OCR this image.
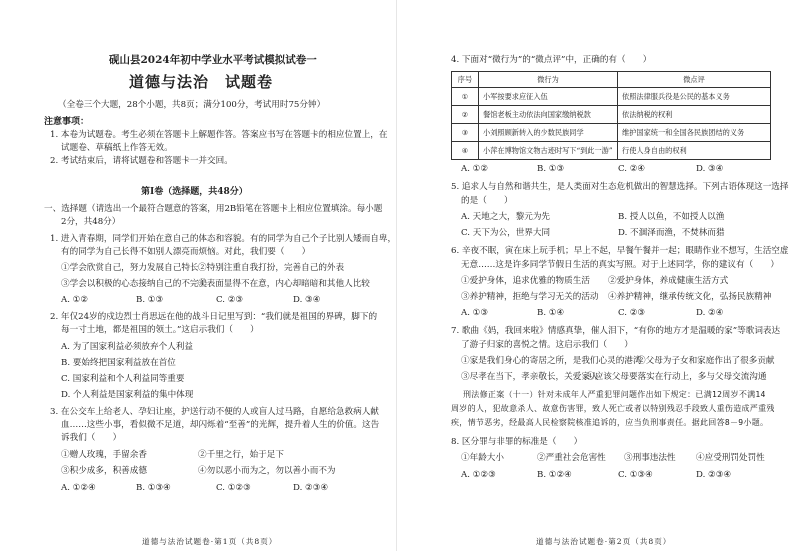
砚山县2024年初中学业水平考试模拟试卷一
道德与法治　试题卷
（全卷三个大题，28个小题，共8页；满分100分，考试用时75分钟）
注意事项：
1. 本卷为试题卷。考生必须在答题卡上解题作答。答案应书写在答题卡的相应位置上，在
试题卷、草稿纸上作答无效。
2. 考试结束后，请将试题卷和答题卡一并交回。
第Ⅰ卷（选择题，共48分）
一、选择题（请选出一个最符合题意的答案，用2B铅笔在答题卡上相应位置填涂。每小题
2分，共48分）
1. 进入青春期，同学们开始在意自己的体态和容貌。有的同学为自己个子比别人矮而自卑，
有的同学为自己长得不如别人漂亮而烦恼。对此，我们要（　　）
①学会欣赏自己，努力发展自己特长 ②特别注重自我打扮，完善自己的外表
③学会以积极的心态接纳自己的不完美
④表面显得不在意，内心却暗暗和其他人比较
A. ①②	B. ①③	C. ②③	D. ③④
2. 年仅24岁的戍边烈士肖思远在他的战斗日记里写到：“我们就是祖国的界碑，脚下的
每一寸土地，都是祖国的领土。”这启示我们（　　）
A. 为了国家利益必须放弃个人利益
B. 要始终把国家利益放在首位
C. 国家利益和个人利益同等重要
D. 个人利益是国家利益的集中体现
3. 在公交车上给老人、孕妇让座，护送行动不便的人或盲人过马路，自愿给急救病人献
血……这些小事，看似微不足道，却闪烁着“至善”的光辉，提升着人生的价值。这告
诉我们（　　）
①赠人玫瑰，手留余香	②千里之行，始于足下
③积少成多，积善成德	④勿以恶小而为之，勿以善小而不为
A. ①②④	B. ①③④	C. ①②③	D. ②③④
道德与法治试题卷·第1页（共8页）
4. 下面对“微行为”的“微点评”中，正确的有（　　）
序号	微行为	微点评
①	小军按要求应征入伍	依照法律服兵役是公民的基本义务
②	餐馆老板主动依法向国家缴纳税款	依法纳税的权利
③	小刘照顾新转入的少数民族同学	维护国家统一和全国各民族团结的义务
④	小萍在博物馆文物古迹时写下“到此一游”	行使人身自由的权利
A. ①②	B. ①③	C. ②④	D. ③④
5. 追求人与自然和谐共生，是人类面对生态危机做出的智慧选择。下列古语体现这一选择
的是（　　）
A. 天地之大，黎元为先	B. 授人以鱼，不如授人以渔
C. 天下为公，世界大同	D. 不涸泽而渔，不焚林而猎
6. 辛夜不眠，寅在床上玩手机；早上不起，早餐午餐并一起；眼睛作业不想写，生活空虚
无意……这是许多同学节假日生活的真实写照。对于上述同学，你的建议有（　　）
①爱护身体，追求优雅的物质生活 ②爱护身体，养成健康生活方式
③养护精神，拒绝与学习无关的活动 ④养护精神，继承传统文化，弘扬民族精神
A. ①③	B. ①④	C. ②③	D. ②④
7. 歌曲《妈，我回来啦》情感真挚，催人泪下，“有你的地方才是温暖的家”等歌词表达
了游子归家的喜悦之情。这启示我们（　　）
①家是我们身心的寄居之所，是我们心灵的港湾
②父母为子女和家庭作出了很多贡献
③尽孝在当下，孝亲敬长，关爱家人
④应该父母要落实在行动上，多与父母交流沟通
刑法修正案（十一）针对未成年人严重犯罪问题作出如下规定：已满12周岁不满14
周岁的人，犯故意杀人、故意伤害罪，致人死亡或者以特别残忍手段致人重伤造成严重残
疾，情节恶劣，经最高人民检察院核准追诉的，应当负刑事责任。据此回答8－9小题。
8. 区分罪与非罪的标准是（　　）
①年龄大小	②严重社会危害性 ③刑事违法性 ④应受刑罚处罚性
A. ①②③	B. ①②④	C. ①③④	D. ②③④
道德与法治试题卷·第2页（共8页）
